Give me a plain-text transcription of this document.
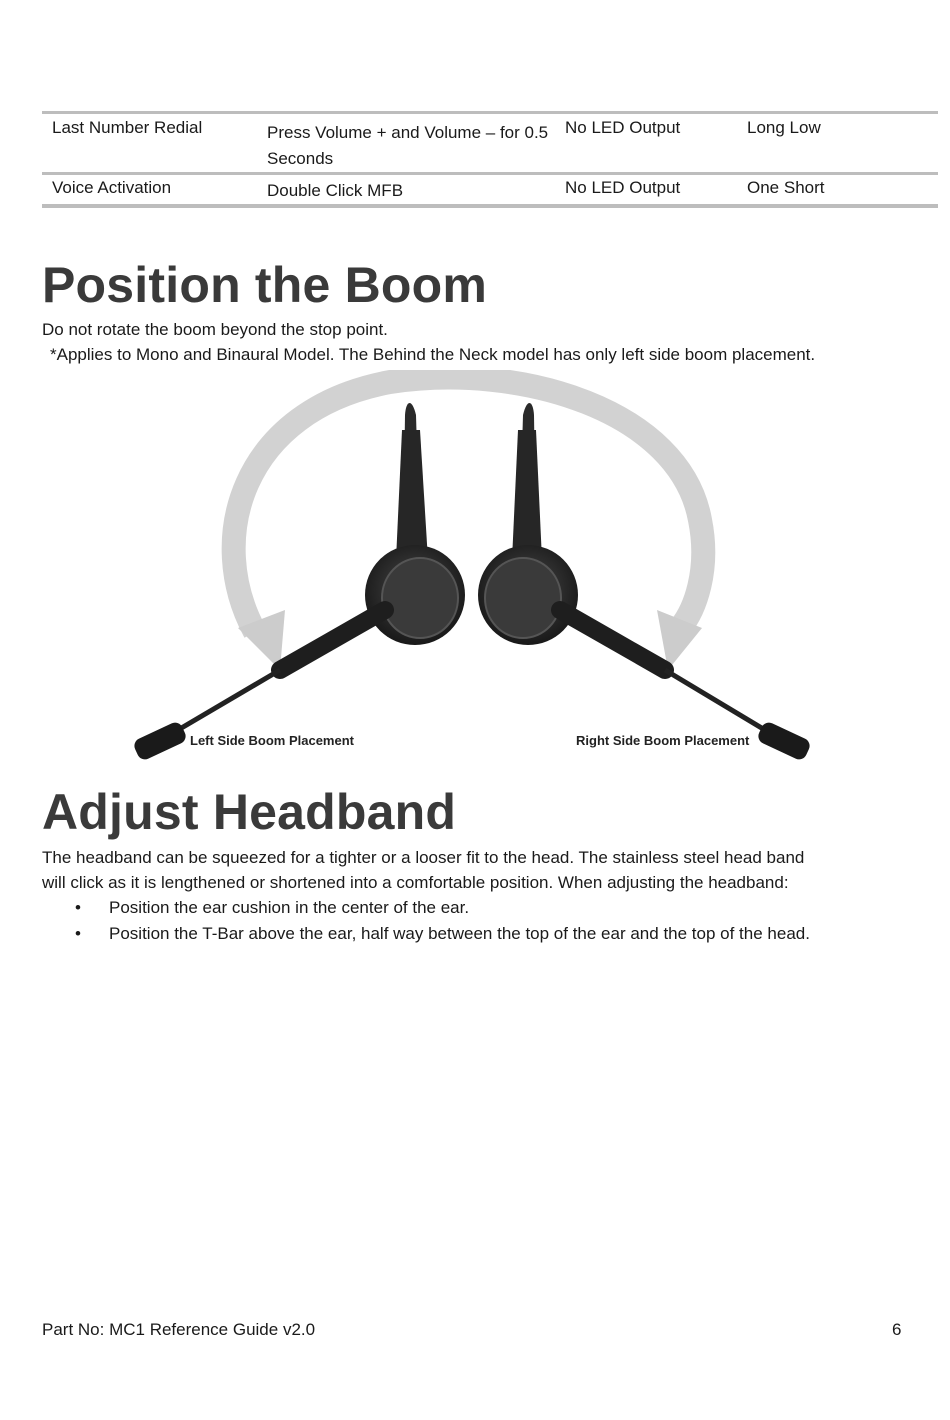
Last Number Redial	Press Volume + and Volume – for 0.5 Seconds	No LED Output	Long Low
Voice Activation	Double Click MFB	No LED Output	One Short
Position the Boom

Do not rotate the boom beyond the stop point.

*Applies to Mono and Binaural Model. The Behind the Neck model has only left side boom placement.

Left Side Boom Placement	Right Side Boom Placement
Adjust Headband

The headband can be squeezed for a tighter or a looser fit to the head. The stainless steel head band

will click as it is lengthened or shortened into a comfortable position. When adjusting the headband:

• Position the ear cushion in the center of the ear.
• Position the T-Bar above the ear, half way between the top of the ear and the top of the head.
Part No: MC1 Reference Guide v2.0	6
